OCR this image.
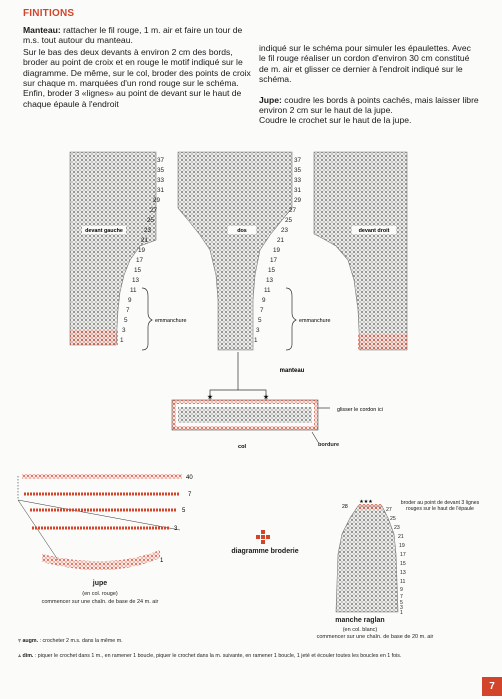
FINITIONS

Manteau: rattacher le fil rouge, 1 m. air et faire un tour de m.s. tout autour du manteau.

Sur le bas des deux devants à environ 2 cm des bords, broder au point de croix et en rouge le motif indiqué sur le diagramme. De même, sur le col, broder des points de croix sur chaque m. marquées d'un rond rouge sur le schéma. Enfin, broder 3 «lignes» au point de devant sur le haut de chaque épaule à l'endroit

indiqué sur le schéma pour simuler les épaulettes. Avec le fil rouge réaliser un cordon d'environ 30 cm constitué de m. air et glisser ce dernier à l'endroit indiqué sur le schéma.

Jupe: coudre les bords à points cachés, mais laisser libre environ 2 cm sur le haut de la jupe.

Coudre le crochet sur le haut de la jupe.

devant gauche	dos	devant droit
37
35
33
31
29
27
25
23
21
19
17
15
13
11
9
7
5
3
1
37
35
33
31
29
27
25
23
21
19
17
15
13
11
9
7
5
3
1
emmanchure	emmanchure
manteau
★	★
glisser le cordon ici
col	bordure
40
7
5
3
1
jupe
(en col. rouge)
commencer sur une chaîn. de base de 24 m. air
diagramme broderie
★★★
28	27
25
23
21
19
17
15
13
11
9
7
5
3
1
broder au point de devant 3 lignes rouges sur le haut de l'épaule
manche raglan
(en col. blanc)
commencer sur une chaîn. de base de 20 m. air
⫧ augm. : crocheter 2 m.s. dans la même m.
⫨ dim. : piquer le crochet dans 1 m., en ramener 1 boucle, piquer le crochet dans la m. suivante, en ramener 1 boucle, 1 jeté et écouler toutes les boucles en 1 fois.
7
